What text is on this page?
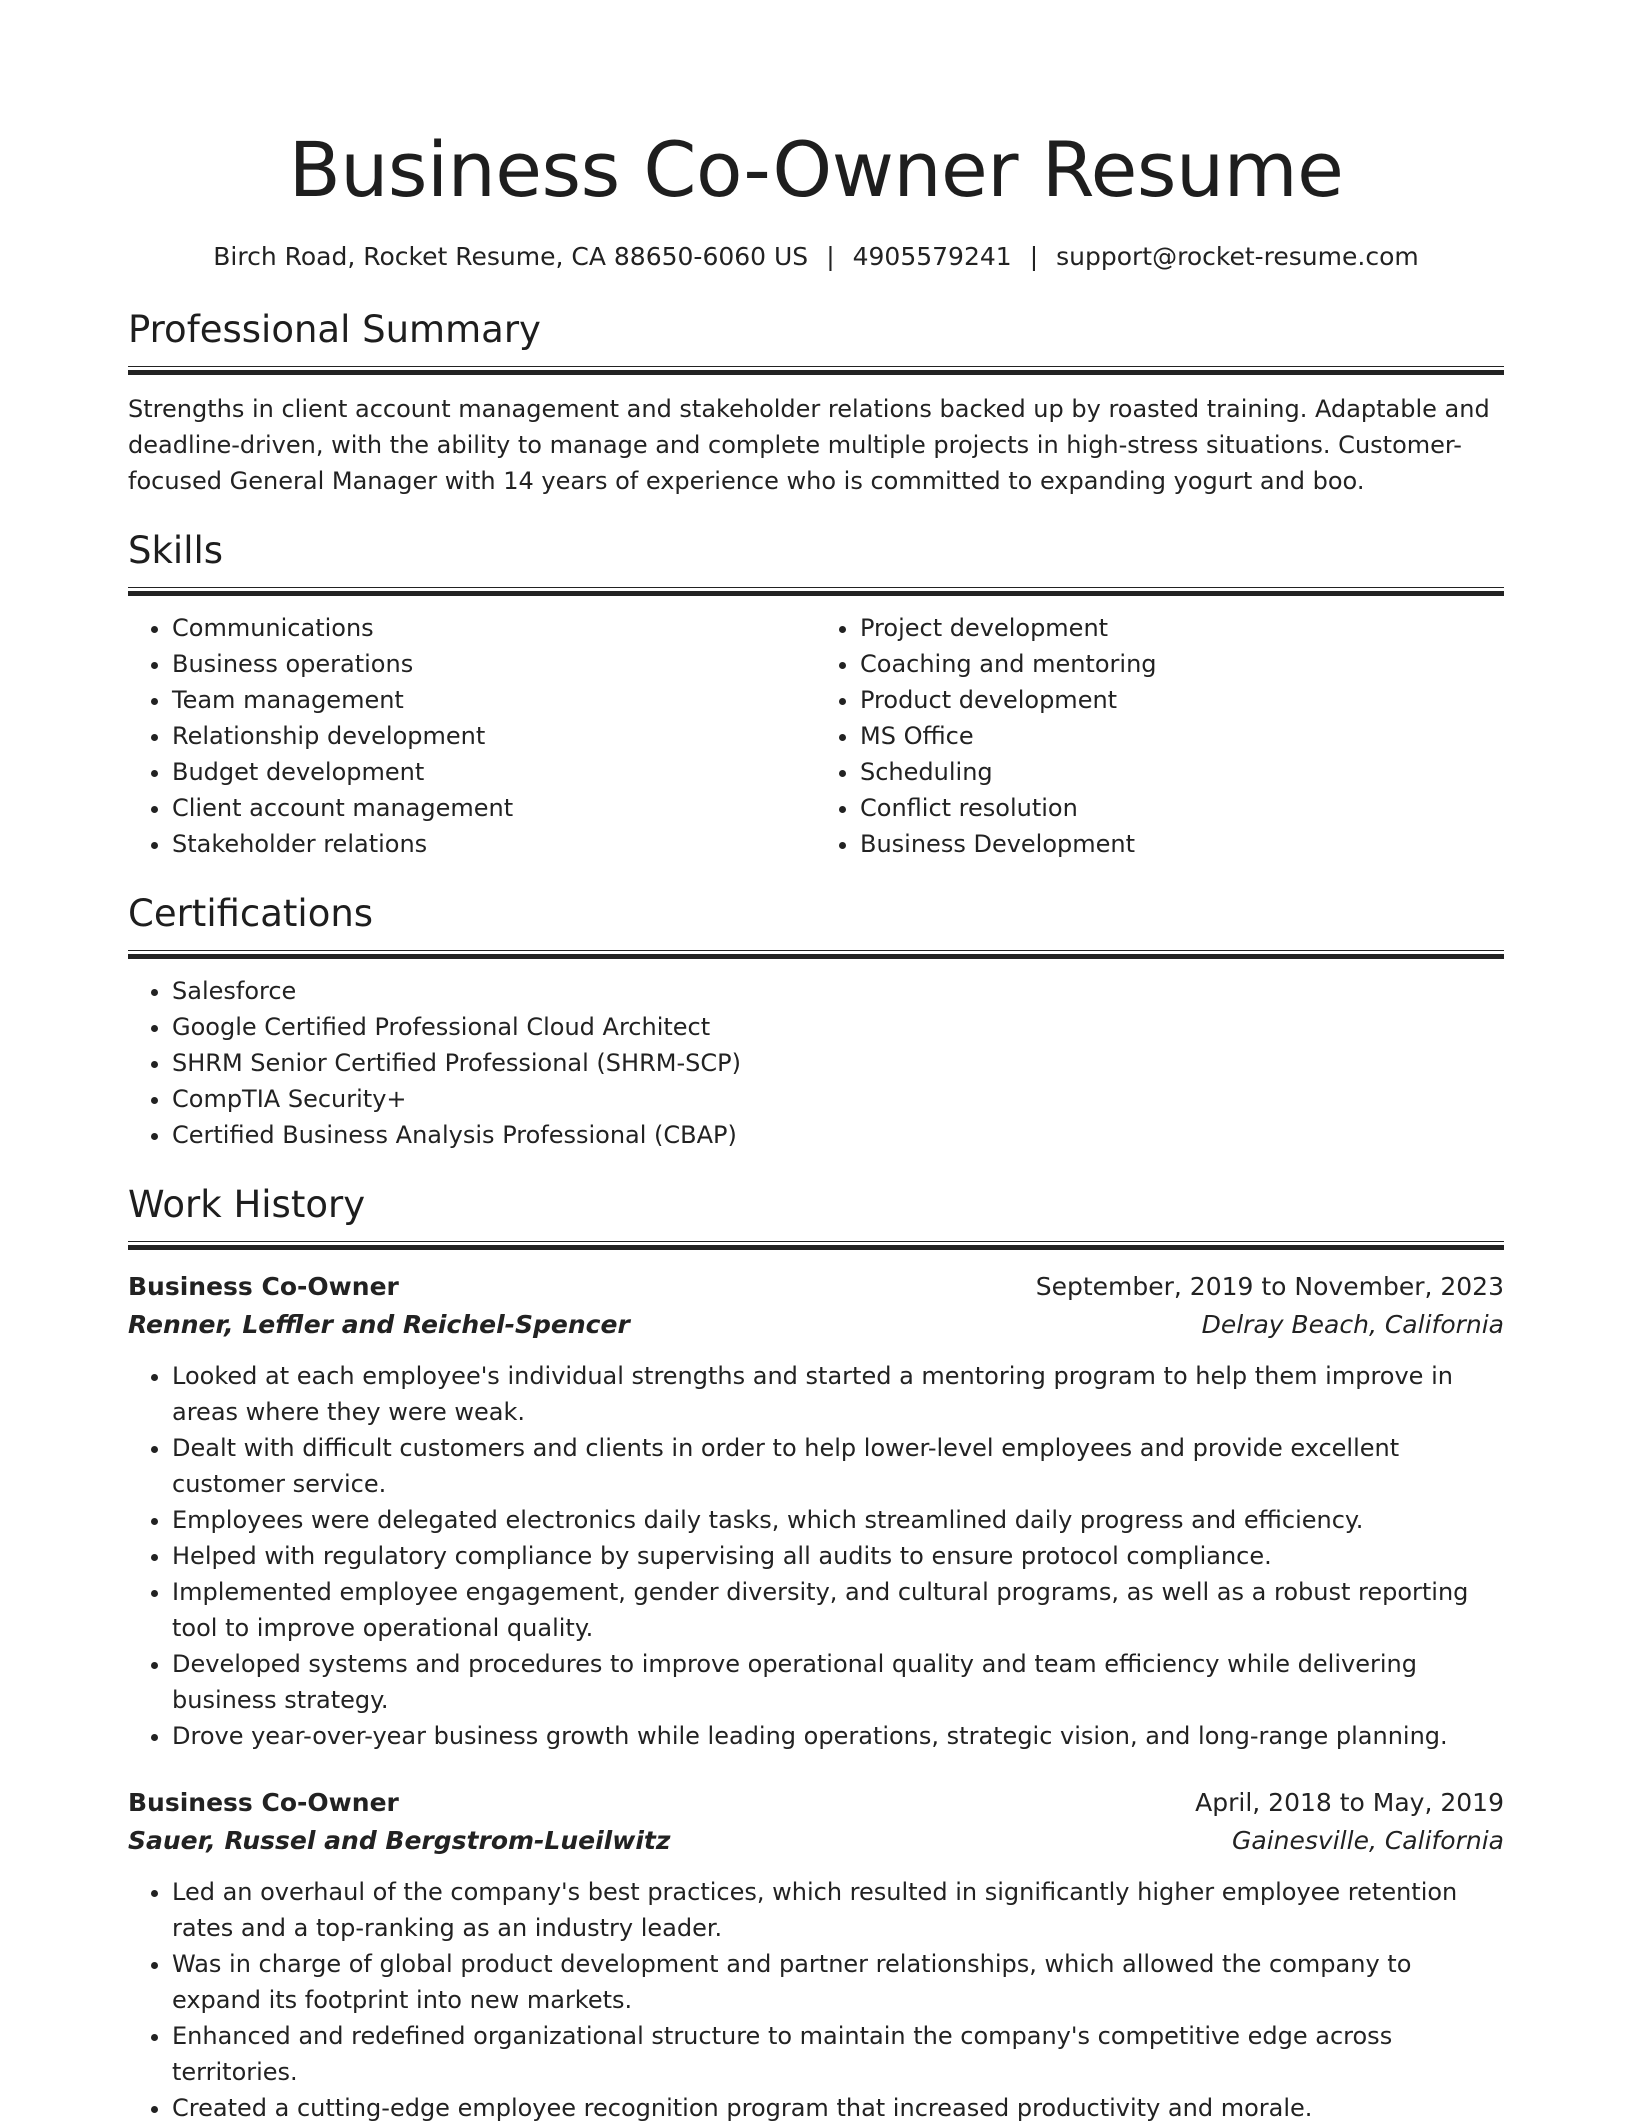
Business Co-Owner Resume
Birch Road, Rocket Resume, CA 88650-6060 US | 4905579241 | support@rocket-resume.com
Professional Summary

Strengths in client account management and stakeholder relations backed up by roasted training. Adaptable and deadline-driven, with the ability to manage and complete multiple projects in high-stress situations. Customer-focused General Manager with 14 years of experience who is committed to expanding yogurt and boo.

Skills
• Communications
• Business operations
• Team management
• Relationship development
• Budget development
• Client account management
• Stakeholder relations
• Project development
• Coaching and mentoring
• Product development
• MS Office
• Scheduling
• Conflict resolution
• Business Development
Certifications
• Salesforce
• Google Certified Professional Cloud Architect
• SHRM Senior Certified Professional (SHRM-SCP)
• CompTIA Security+
• Certified Business Analysis Professional (CBAP)
Work History
Business Co-Owner	September, 2019 to November, 2023
Renner, Leffler and Reichel-Spencer	Delray Beach, California
• Looked at each employee's individual strengths and started a mentoring program to help them improve in areas where they were weak.
• Dealt with difficult customers and clients in order to help lower-level employees and provide excellent customer service.
• Employees were delegated electronics daily tasks, which streamlined daily progress and efficiency.
• Helped with regulatory compliance by supervising all audits to ensure protocol compliance.
• Implemented employee engagement, gender diversity, and cultural programs, as well as a robust reporting tool to improve operational quality.
• Developed systems and procedures to improve operational quality and team efficiency while delivering business strategy.
• Drove year-over-year business growth while leading operations, strategic vision, and long-range planning.
Business Co-Owner	April, 2018 to May, 2019
Sauer, Russel and Bergstrom-Lueilwitz	Gainesville, California
• Led an overhaul of the company's best practices, which resulted in significantly higher employee retention rates and a top-ranking as an industry leader.
• Was in charge of global product development and partner relationships, which allowed the company to expand its footprint into new markets.
• Enhanced and redefined organizational structure to maintain the company's competitive edge across territories.
• Created a cutting-edge employee recognition program that increased productivity and morale.
